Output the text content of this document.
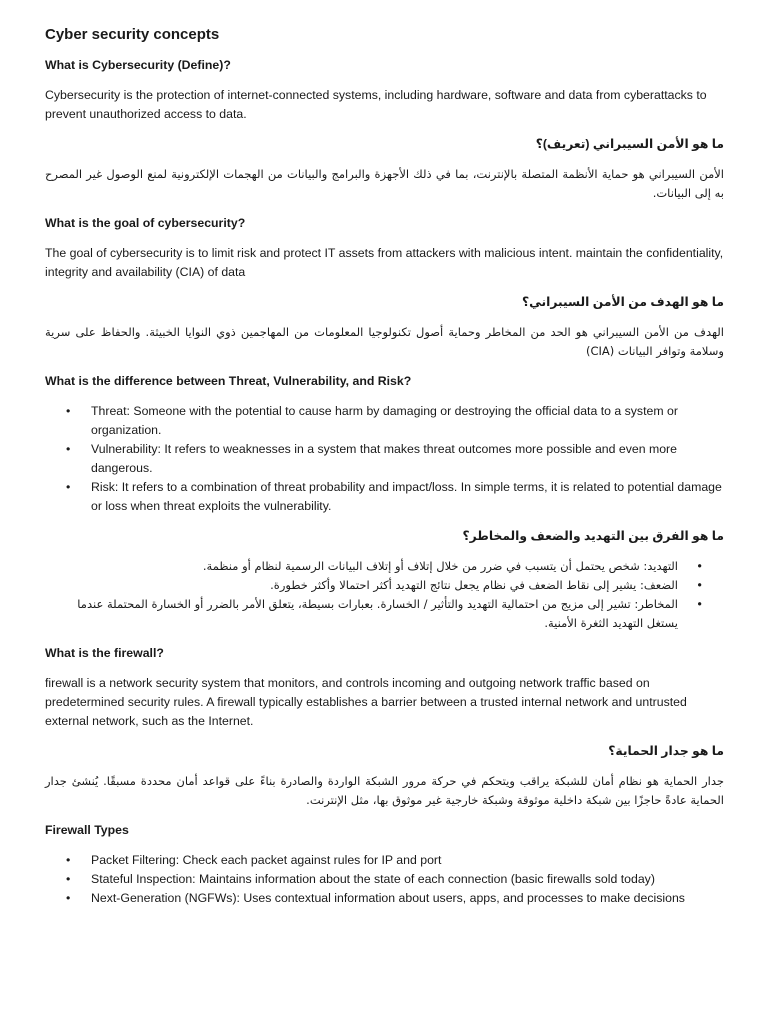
Cyber security concepts
What is Cybersecurity (Define)?
Cybersecurity is the protection of internet-connected systems, including hardware, software and data from cyberattacks to prevent unauthorized access to data.
ما هو الأمن السيبراني (تعريف)؟
الأمن السيبراني هو حماية الأنظمة المتصلة بالإنترنت، بما في ذلك الأجهزة والبرامج والبيانات من الهجمات الإلكترونية لمنع الوصول غير المصرح به إلى البيانات.
What is the goal of cybersecurity?
The goal of cybersecurity is to limit risk and protect IT assets from attackers with malicious intent. maintain the confidentiality, integrity and availability (CIA) of data
ما هو الهدف من الأمن السيبراني؟
الهدف من الأمن السيبراني هو الحد من المخاطر وحماية أصول تكنولوجيا المعلومات من المهاجمين ذوي النوايا الخبيثة. والحفاظ على سرية وسلامة وتوافر البيانات (CIA)
What is the difference between Threat, Vulnerability, and Risk?
• Threat: Someone with the potential to cause harm by damaging or destroying the official data to a system or organization.
• Vulnerability: It refers to weaknesses in a system that makes threat outcomes more possible and even more dangerous.
• Risk: It refers to a combination of threat probability and impact/loss. In simple terms, it is related to potential damage or loss when threat exploits the vulnerability.
ما هو الفرق بين التهديد والضعف والمخاطر؟
• التهديد: شخص يحتمل أن يتسبب في ضرر من خلال إتلاف أو إتلاف البيانات الرسمية لنظام أو منظمة.
• الضعف: يشير إلى نقاط الضعف في نظام يجعل نتائج التهديد أكثر احتمالا وأكثر خطورة.
• المخاطر: تشير إلى مزيج من احتمالية التهديد والتأثير / الخسارة. بعبارات بسيطة، يتعلق الأمر بالضرر أو الخسارة المحتملة عندما يستغل التهديد الثغرة الأمنية.
What is the firewall?
firewall is a network security system that monitors, and controls incoming and outgoing network traffic based on predetermined security rules. A firewall typically establishes a barrier between a trusted internal network and untrusted external network, such as the Internet.
ما هو جدار الحماية؟
جدار الحماية هو نظام أمان للشبكة يراقب ويتحكم في حركة مرور الشبكة الواردة والصادرة بناءً على قواعد أمان محددة مسبقًا. يُنشئ جدار الحماية عادةً حاجزًا بين شبكة داخلية موثوقة وشبكة خارجية غير موثوق بها، مثل الإنترنت.
Firewall Types
• Packet Filtering: Check each packet against rules for IP and port
• Stateful Inspection: Maintains information about the state of each connection (basic firewalls sold today)
• Next-Generation (NGFWs): Uses contextual information about users, apps, and processes to make decisions
